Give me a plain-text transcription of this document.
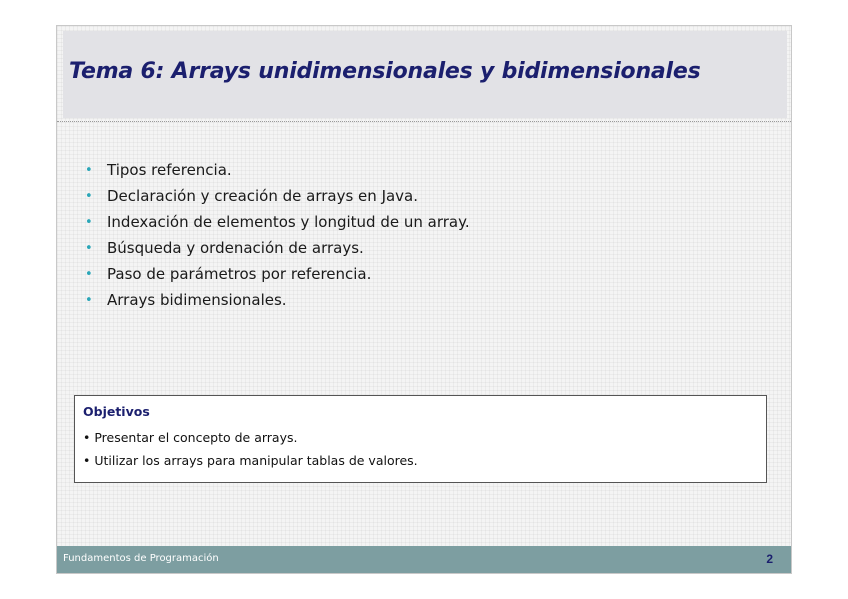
Tema 6: Arrays unidimensionales y bidimensionales
• Tipos referencia.
• Declaración y creación de arrays en Java.
• Indexación de elementos y longitud de un array.
• Búsqueda y ordenación de arrays.
• Paso de parámetros por referencia.
• Arrays bidimensionales.
Objetivos
• Presentar el concepto de arrays.
• Utilizar los arrays para manipular tablas de valores.
Fundamentos de Programación	2
